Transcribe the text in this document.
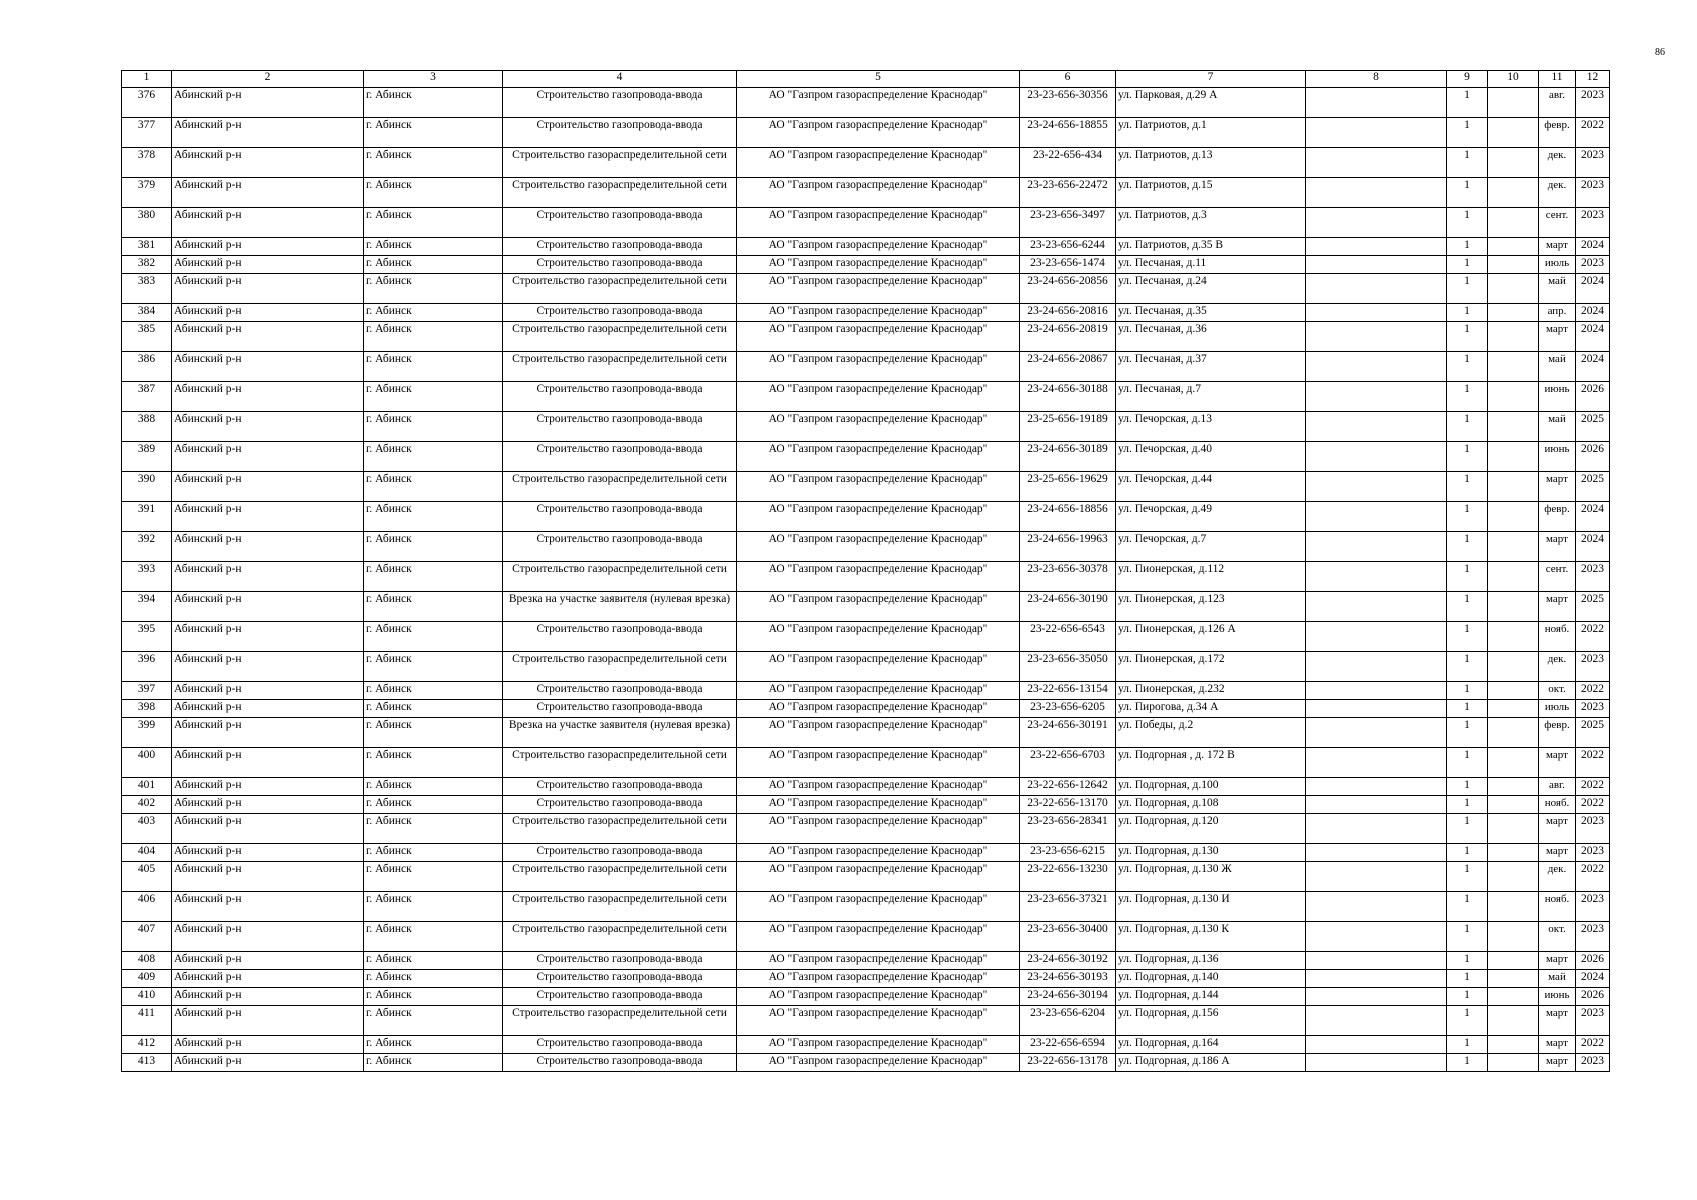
86
1	2	3	4	5	6	7	8	9	10	11	12
376	Абинский р-н	г. Абинск	Строительство газопровода-ввода	АО "Газпром газораспределение Краснодар"	23-23-656-30356	ул. Парковая, д.29 А		1		авг.	2023
377	Абинский р-н	г. Абинск	Строительство газопровода-ввода	АО "Газпром газораспределение Краснодар"	23-24-656-18855	ул. Патриотов, д.1		1		февр.	2022
378	Абинский р-н	г. Абинск	Строительство газораспределительной сети	АО "Газпром газораспределение Краснодар"	23-22-656-434	ул. Патриотов, д.13		1		дек.	2023
379	Абинский р-н	г. Абинск	Строительство газораспределительной сети	АО "Газпром газораспределение Краснодар"	23-23-656-22472	ул. Патриотов, д.15		1		дек.	2023
380	Абинский р-н	г. Абинск	Строительство газопровода-ввода	АО "Газпром газораспределение Краснодар"	23-23-656-3497	ул. Патриотов, д.3		1		сент.	2023
381	Абинский р-н	г. Абинск	Строительство газопровода-ввода	АО "Газпром газораспределение Краснодар"	23-23-656-6244	ул. Патриотов, д.35 В		1		март	2024
382	Абинский р-н	г. Абинск	Строительство газопровода-ввода	АО "Газпром газораспределение Краснодар"	23-23-656-1474	ул. Песчаная, д.11		1		июль	2023
383	Абинский р-н	г. Абинск	Строительство газораспределительной сети	АО "Газпром газораспределение Краснодар"	23-24-656-20856	ул. Песчаная, д.24		1		май	2024
384	Абинский р-н	г. Абинск	Строительство газопровода-ввода	АО "Газпром газораспределение Краснодар"	23-24-656-20816	ул. Песчаная, д.35		1		апр.	2024
385	Абинский р-н	г. Абинск	Строительство газораспределительной сети	АО "Газпром газораспределение Краснодар"	23-24-656-20819	ул. Песчаная, д.36		1		март	2024
386	Абинский р-н	г. Абинск	Строительство газораспределительной сети	АО "Газпром газораспределение Краснодар"	23-24-656-20867	ул. Песчаная, д.37		1		май	2024
387	Абинский р-н	г. Абинск	Строительство газопровода-ввода	АО "Газпром газораспределение Краснодар"	23-24-656-30188	ул. Песчаная, д.7		1		июнь	2026
388	Абинский р-н	г. Абинск	Строительство газопровода-ввода	АО "Газпром газораспределение Краснодар"	23-25-656-19189	ул. Печорская, д.13		1		май	2025
389	Абинский р-н	г. Абинск	Строительство газопровода-ввода	АО "Газпром газораспределение Краснодар"	23-24-656-30189	ул. Печорская, д.40		1		июнь	2026
390	Абинский р-н	г. Абинск	Строительство газораспределительной сети	АО "Газпром газораспределение Краснодар"	23-25-656-19629	ул. Печорская, д.44		1		март	2025
391	Абинский р-н	г. Абинск	Строительство газопровода-ввода	АО "Газпром газораспределение Краснодар"	23-24-656-18856	ул. Печорская, д.49		1		февр.	2024
392	Абинский р-н	г. Абинск	Строительство газопровода-ввода	АО "Газпром газораспределение Краснодар"	23-24-656-19963	ул. Печорская, д.7		1		март	2024
393	Абинский р-н	г. Абинск	Строительство газораспределительной сети	АО "Газпром газораспределение Краснодар"	23-23-656-30378	ул. Пионерская, д.112		1		сент.	2023
394	Абинский р-н	г. Абинск	Врезка на участке заявителя (нулевая врезка)	АО "Газпром газораспределение Краснодар"	23-24-656-30190	ул. Пионерская, д.123		1		март	2025
395	Абинский р-н	г. Абинск	Строительство газопровода-ввода	АО "Газпром газораспределение Краснодар"	23-22-656-6543	ул. Пионерская, д.126 А		1		нояб.	2022
396	Абинский р-н	г. Абинск	Строительство газораспределительной сети	АО "Газпром газораспределение Краснодар"	23-23-656-35050	ул. Пионерская, д.172		1		дек.	2023
397	Абинский р-н	г. Абинск	Строительство газопровода-ввода	АО "Газпром газораспределение Краснодар"	23-22-656-13154	ул. Пионерская, д.232		1		окт.	2022
398	Абинский р-н	г. Абинск	Строительство газопровода-ввода	АО "Газпром газораспределение Краснодар"	23-23-656-6205	ул. Пирогова, д.34 А		1		июль	2023
399	Абинский р-н	г. Абинск	Врезка на участке заявителя (нулевая врезка)	АО "Газпром газораспределение Краснодар"	23-24-656-30191	ул. Победы, д.2		1		февр.	2025
400	Абинский р-н	г. Абинск	Строительство газораспределительной сети	АО "Газпром газораспределение Краснодар"	23-22-656-6703	ул. Подгорная , д. 172 В		1		март	2022
401	Абинский р-н	г. Абинск	Строительство газопровода-ввода	АО "Газпром газораспределение Краснодар"	23-22-656-12642	ул. Подгорная, д.100		1		авг.	2022
402	Абинский р-н	г. Абинск	Строительство газопровода-ввода	АО "Газпром газораспределение Краснодар"	23-22-656-13170	ул. Подгорная, д.108		1		нояб.	2022
403	Абинский р-н	г. Абинск	Строительство газораспределительной сети	АО "Газпром газораспределение Краснодар"	23-23-656-28341	ул. Подгорная, д.120		1		март	2023
404	Абинский р-н	г. Абинск	Строительство газопровода-ввода	АО "Газпром газораспределение Краснодар"	23-23-656-6215	ул. Подгорная, д.130		1		март	2023
405	Абинский р-н	г. Абинск	Строительство газораспределительной сети	АО "Газпром газораспределение Краснодар"	23-22-656-13230	ул. Подгорная, д.130 Ж		1		дек.	2022
406	Абинский р-н	г. Абинск	Строительство газораспределительной сети	АО "Газпром газораспределение Краснодар"	23-23-656-37321	ул. Подгорная, д.130 И		1		нояб.	2023
407	Абинский р-н	г. Абинск	Строительство газораспределительной сети	АО "Газпром газораспределение Краснодар"	23-23-656-30400	ул. Подгорная, д.130 К		1		окт.	2023
408	Абинский р-н	г. Абинск	Строительство газопровода-ввода	АО "Газпром газораспределение Краснодар"	23-24-656-30192	ул. Подгорная, д.136		1		март	2026
409	Абинский р-н	г. Абинск	Строительство газопровода-ввода	АО "Газпром газораспределение Краснодар"	23-24-656-30193	ул. Подгорная, д.140		1		май	2024
410	Абинский р-н	г. Абинск	Строительство газопровода-ввода	АО "Газпром газораспределение Краснодар"	23-24-656-30194	ул. Подгорная, д.144		1		июнь	2026
411	Абинский р-н	г. Абинск	Строительство газораспределительной сети	АО "Газпром газораспределение Краснодар"	23-23-656-6204	ул. Подгорная, д.156		1		март	2023
412	Абинский р-н	г. Абинск	Строительство газопровода-ввода	АО "Газпром газораспределение Краснодар"	23-22-656-6594	ул. Подгорная, д.164		1		март	2022
413	Абинский р-н	г. Абинск	Строительство газопровода-ввода	АО "Газпром газораспределение Краснодар"	23-22-656-13178	ул. Подгорная, д.186 А		1		март	2023
